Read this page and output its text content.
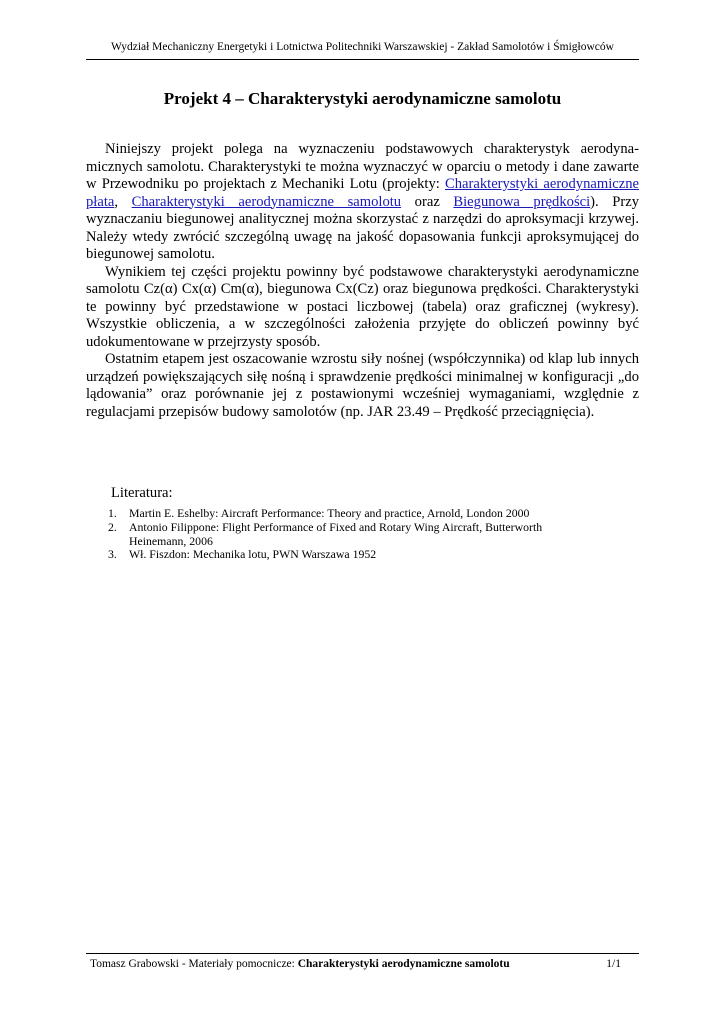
Wydział Mechaniczny Energetyki i Lotnictwa Politechniki Warszawskiej - Zakład Samolotów i Śmigłowców
Projekt 4 – Charakterystyki aerodynamiczne samolotu

Niniejszy projekt polega na wyznaczeniu podstawowych charakterystyk aerodynamicznych samolotu. Charakterystyki te można wyznaczyć w oparciu o metody i dane zawarte w Przewodniku po projektach z Mechaniki Lotu (projekty: Charakterystyki aerodynamiczne płata, Charakterystyki aerodynamiczne samolotu oraz Biegunowa prędkości). Przy wyznaczaniu biegunowej analitycznej można skorzystać z narzędzi do aproksymacji krzywej. Należy wtedy zwrócić szczególną uwagę na jakość dopasowania funkcji aproksymującej do biegunowej samolotu.

Wynikiem tej części projektu powinny być podstawowe charakterystyki aerodynamiczne samolotu Cz(α) Cx(α) Cm(α), biegunowa Cx(Cz) oraz biegunowa prędkości. Charakterystyki te powinny być przedstawione w postaci liczbowej (tabela) oraz graficznej (wykresy). Wszystkie obliczenia, a w szczególności założenia przyjęte do obliczeń powinny być udokumentowane w przejrzysty sposób.

Ostatnim etapem jest oszacowanie wzrostu siły nośnej (współczynnika) od klap lub innych urządzeń powiększających siłę nośną i sprawdzenie prędkości minimalnej w konfiguracji „do lądowania” oraz porównanie jej z postawionymi wcześniej wymaganiami, względnie z regulacjami przepisów budowy samolotów (np. JAR 23.49 – Prędkość przeciągnięcia).

Literatura:
1. Martin E. Eshelby: Aircraft Performance: Theory and practice, Arnold, London 2000
2. Antonio Filippone: Flight Performance of Fixed and Rotary Wing Aircraft, Butterworth Heinemann, 2006
3. Wł. Fiszdon: Mechanika lotu, PWN Warszawa 1952
Tomasz Grabowski - Materiały pomocnicze: Charakterystyki aerodynamiczne samolotu	1/1
